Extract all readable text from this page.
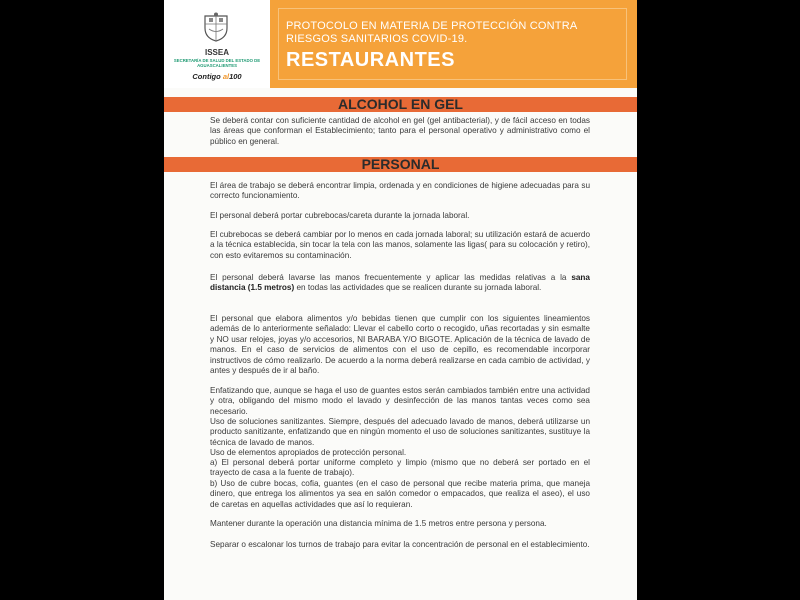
ISSEA
SECRETARÍA DE SALUD DEL ESTADO DE AGUASCALIENTES
Contigo al100
PROTOCOLO EN MATERIA DE PROTECCIÓN CONTRA
RIESGOS SANITARIOS COVID-19.
RESTAURANTES
ALCOHOL EN GEL
Se deberá contar con suficiente cantidad de alcohol en gel (gel antibacterial), y de fácil acceso en todas las áreas que conforman el Establecimiento; tanto para el personal operativo y administrativo como el público en general.
PERSONAL
El área de trabajo se deberá encontrar limpia, ordenada y en condiciones de higiene adecuadas para su correcto funcionamiento.
El personal deberá portar cubrebocas/careta durante la jornada laboral.
El cubrebocas se deberá cambiar por lo menos en cada jornada laboral; su utilización estará de acuerdo a la técnica establecida, sin tocar la tela con las manos, solamente las ligas( para su colocación y retiro), con esto evitaremos su contaminación.
El personal deberá lavarse las manos frecuentemente y aplicar las medidas relativas a la sana distancia (1.5 metros) en todas las actividades que se realicen durante su jornada laboral.
El personal que elabora alimentos y/o bebidas tienen que cumplir con los siguientes lineamientos además de lo anteriormente señalado: Llevar el cabello corto o recogido, uñas recortadas y sin esmalte y NO usar relojes, joyas y/o accesorios, NI BARABA Y/O BIGOTE. Aplicación de la técnica de lavado de manos. En el caso de servicios de alimentos con el uso de cepillo, es recomendable incorporar instructivos de cómo realizarlo. De acuerdo a la norma deberá realizarse en cada cambio de actividad, y antes y después de ir al baño.
Enfatizando que, aunque se haga el uso de guantes estos serán cambiados también entre una actividad y otra, obligando del mismo modo el lavado y desinfección de las manos tantas veces como sea necesario.
Uso de soluciones sanitizantes. Siempre, después del adecuado lavado de manos, deberá utilizarse un producto sanitizante, enfatizando que en ningún momento el uso de soluciones sanitizantes, sustituye la técnica de lavado de manos.
Uso de elementos apropiados de protección personal.
a) El personal deberá portar uniforme completo y limpio (mismo que no deberá ser portado en el trayecto de casa a la fuente de trabajo).
b) Uso de cubre bocas, cofia, guantes (en el caso de personal que recibe materia prima, que maneja dinero, que entrega los alimentos ya sea en salón comedor o empacados, que realiza el aseo), el uso de caretas en aquellas actividades que así lo requieran.
Mantener durante la operación una distancia mínima de 1.5 metros entre persona y persona.
Separar o escalonar los turnos de trabajo para evitar la concentración de personal en el establecimiento.
